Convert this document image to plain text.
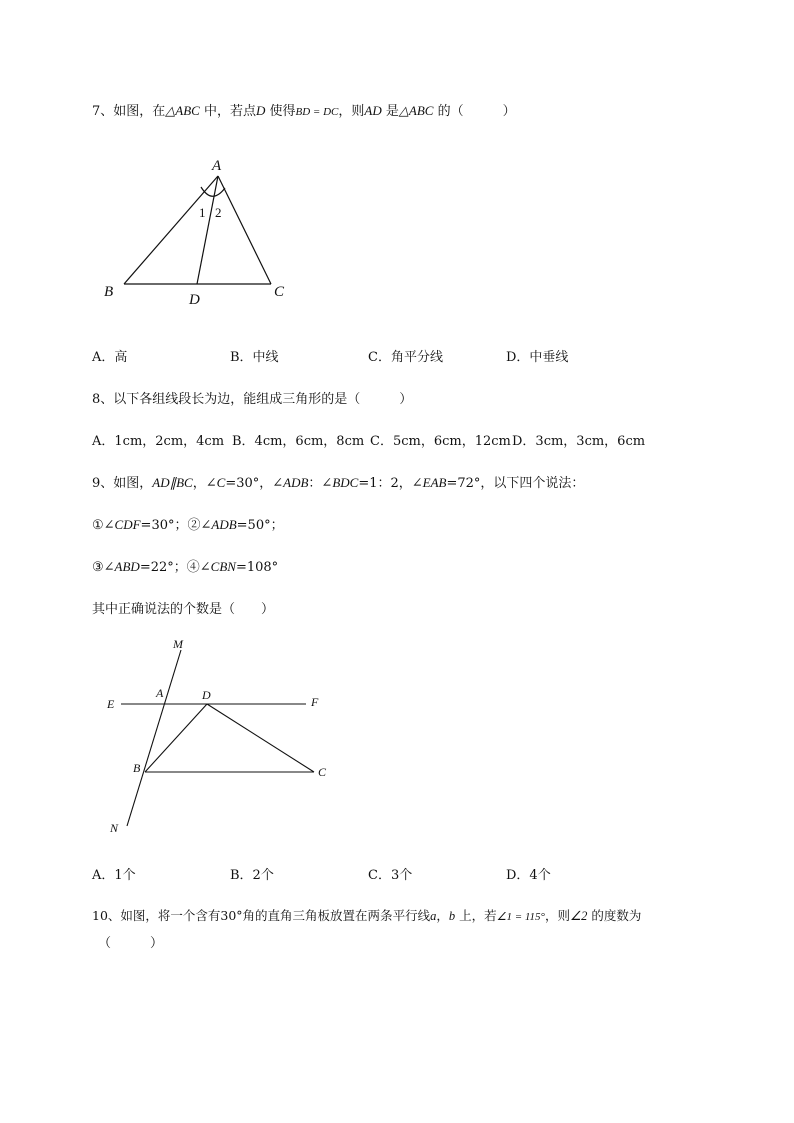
7、如图，在△ABC 中，若点D 使得BD = DC，则AD 是△ABC 的（　　　）
A
B	C
D
1 2
A．高	B．中线	C．角平分线	D．中垂线
8、以下各组线段长为边，能组成三角形的是（　　　）
A．1cm，2cm，4cm B．4cm，6cm，8cm C．5cm，6cm，12cm D．3cm，3cm，6cm
9、如图，AD∥BC，∠C=30°，∠ADB：∠BDC=1：2，∠EAB=72°，以下四个说法：
①∠CDF=30°；②∠ADB=50°；
③∠ABD=22°；④∠CBN=108°
其中正确说法的个数是（　　）
M
A	D
E	F
B	C
N
A．1个	B．2个	C．3个	D．4个
10、如图，将一个含有30°角的直角三角板放置在两条平行线a，b 上，若∠1 = 115°，则∠2 的度数为
（　　　）
